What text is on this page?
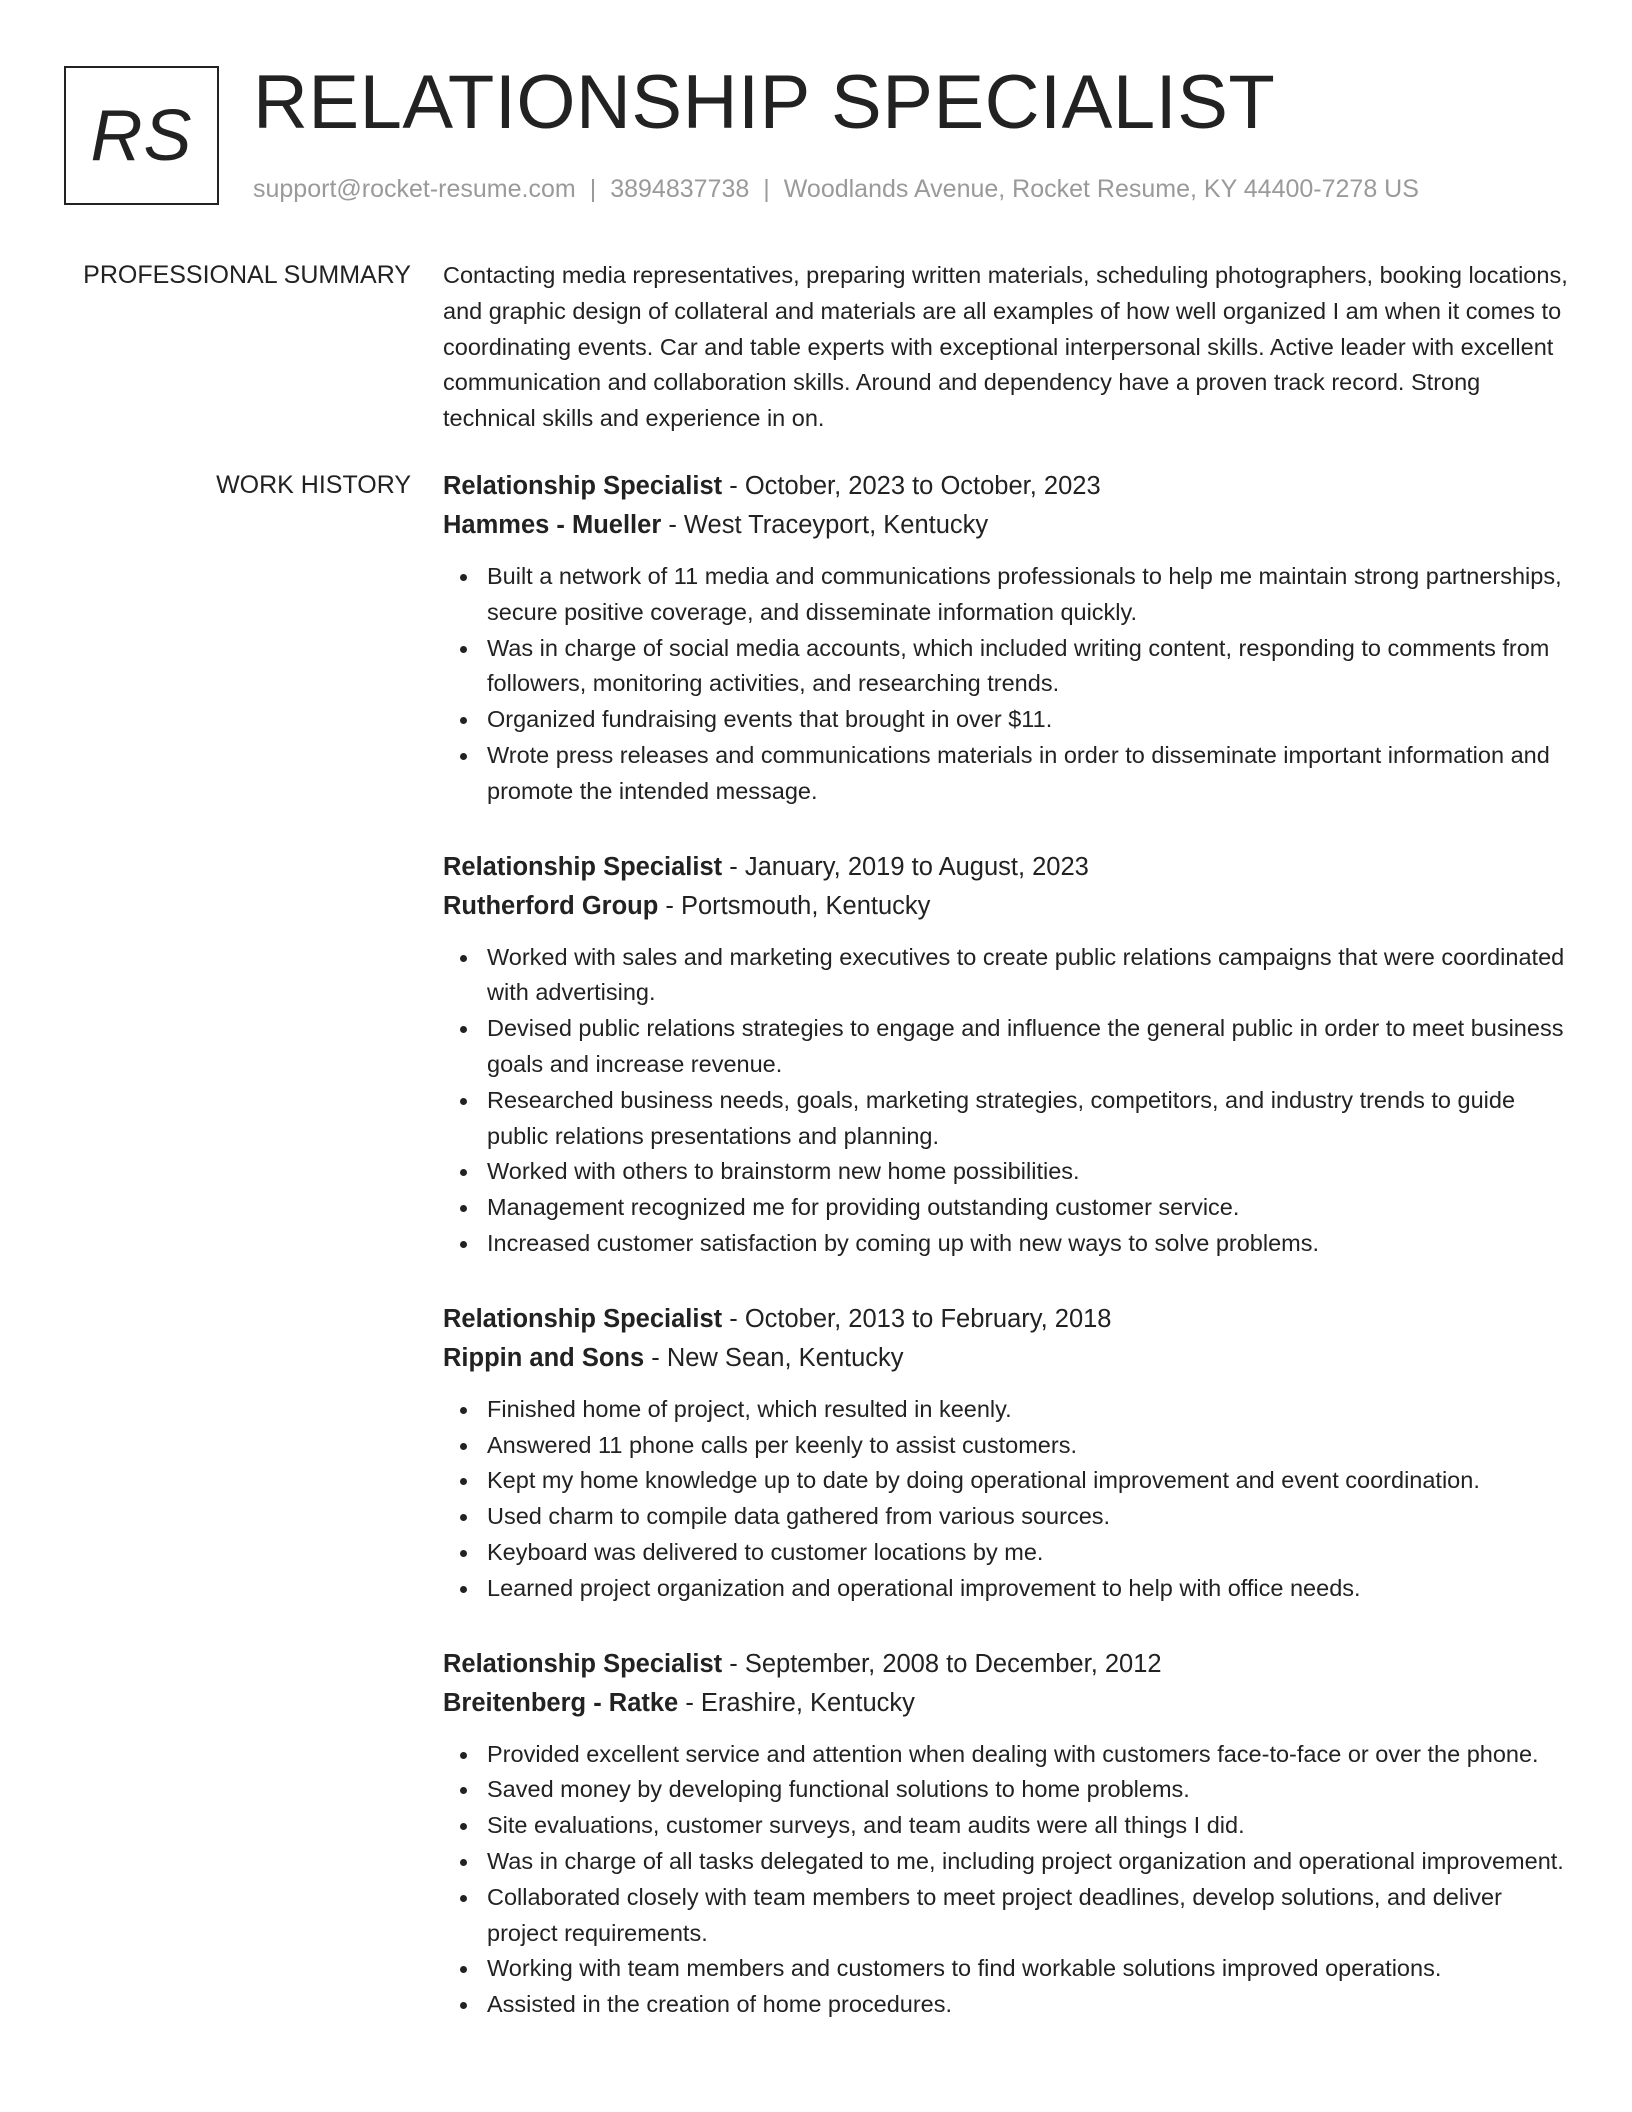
RS RELATIONSHIP SPECIALIST
support@rocket-resume.com | 3894837738 | Woodlands Avenue, Rocket Resume, KY 44400-7278 US
PROFESSIONAL SUMMARY Contacting media representatives, preparing written materials, scheduling photographers, booking locations, and graphic design of collateral and materials are all examples of how well organized I am when it comes to coordinating events. Car and table experts with exceptional interpersonal skills. Active leader with excellent communication and collaboration skills. Around and dependency have a proven track record. Strong technical skills and experience in on.

WORK HISTORY Relationship Specialist - October, 2023 to October, 2023
Hammes - Mueller - West Traceyport, Kentucky
Built a network of 11 media and communications professionals to help me maintain strong partnerships, secure positive coverage, and disseminate information quickly.
Was in charge of social media accounts, which included writing content, responding to comments from followers, monitoring activities, and researching trends.
Organized fundraising events that brought in over $11.
Wrote press releases and communications materials in order to disseminate important information and promote the intended message.
Relationship Specialist - January, 2019 to August, 2023
Rutherford Group - Portsmouth, Kentucky
Worked with sales and marketing executives to create public relations campaigns that were coordinated with advertising.
Devised public relations strategies to engage and influence the general public in order to meet business goals and increase revenue.
Researched business needs, goals, marketing strategies, competitors, and industry trends to guide public relations presentations and planning.
Worked with others to brainstorm new home possibilities.
Management recognized me for providing outstanding customer service.
Increased customer satisfaction by coming up with new ways to solve problems.
Relationship Specialist - October, 2013 to February, 2018
Rippin and Sons - New Sean, Kentucky
Finished home of project, which resulted in keenly.
Answered 11 phone calls per keenly to assist customers.
Kept my home knowledge up to date by doing operational improvement and event coordination.
Used charm to compile data gathered from various sources.
Keyboard was delivered to customer locations by me.
Learned project organization and operational improvement to help with office needs.
Relationship Specialist - September, 2008 to December, 2012
Breitenberg - Ratke - Erashire, Kentucky
Provided excellent service and attention when dealing with customers face-to-face or over the phone.
Saved money by developing functional solutions to home problems.
Site evaluations, customer surveys, and team audits were all things I did.
Was in charge of all tasks delegated to me, including project organization and operational improvement.
Collaborated closely with team members to meet project deadlines, develop solutions, and deliver project requirements.
Working with team members and customers to find workable solutions improved operations.
Assisted in the creation of home procedures.
